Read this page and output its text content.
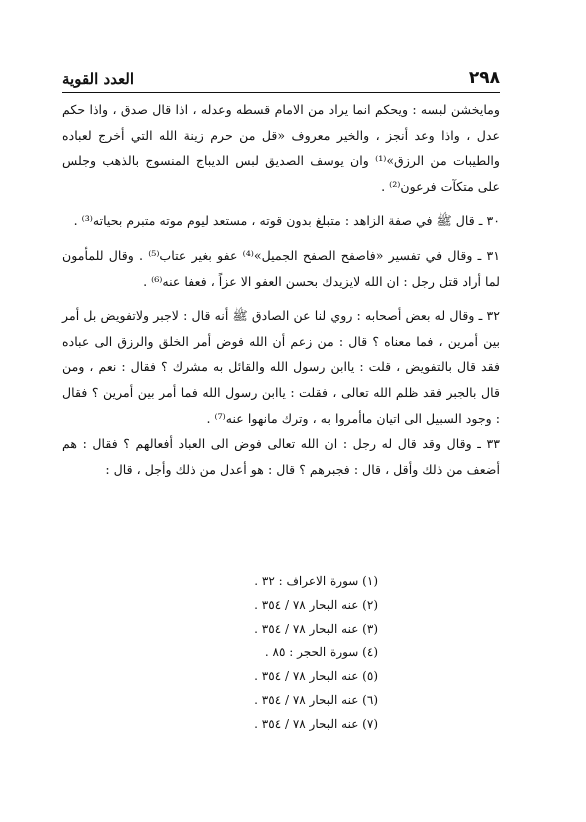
٢٩٨
العدد القوية

ومايخشن لبسه : ويحكم انما يراد من الامام قسطه وعدله ، اذا قال صدق ، واذا حكم عدل ، واذا وعد أنجز ، والخير معروف «قل من حرم زينة الله التي أخرج لعباده والطيبات من الرزق»⁽¹⁾ وان يوسف الصديق لبس الديباج المنسوج بالذهب وجلس على متكآت فرعون⁽²⁾ .

٣٠ ـ قال ﷺ في صفة الزاهد : متبلغ بدون قوته ، مستعد ليوم موته متبرم بحياته⁽³⁾ .

٣١ ـ وقال في تفسير «فاصفح الصفح الجميل»⁽⁴⁾ عفو بغير عتاب⁽⁵⁾ . وقال للمأمون لما أراد قتل رجل : ان الله لايزيدك بحسن العفو الا عزاً ، فعفا عنه⁽⁶⁾ .

٣٢ ـ وقال له بعض أصحابه : روي لنا عن الصادق ﷺ أنه قال : لاجبر ولاتفويض بل أمر بين أمرين ، فما معناه ؟ قال : من زعم أن الله فوض أمر الخلق والرزق الى عباده فقد قال بالتفويض ، قلت : ياابن رسول الله والقائل به مشرك ؟ فقال : نعم ، ومن قال بالجبر فقد ظلم الله تعالى ، فقلت : ياابن رسول الله فما أمر بين أمرين ؟ فقال : وجود السبيل الى اتيان ماأمروا به ، وترك مانهوا عنه⁽⁷⁾ .

٣٣ ـ وقال وقد قال له رجل : ان الله تعالى فوض الى العباد أفعالهم ؟ فقال : هم أضعف من ذلك وأقل ، قال : فجبرهم ؟ قال : هو أعدل من ذلك وأجل ، قال :

(١) سورة الاعراف : ٣٢ .
(٢) عنه البحار ٧٨ / ٣٥٤ .
(٣) عنه البحار ٧٨ / ٣٥٤ .
(٤) سورة الحجر : ٨٥ .
(٥) عنه البحار ٧٨ / ٣٥٤ .
(٦) عنه البحار ٧٨ / ٣٥٤ .
(٧) عنه البحار ٧٨ / ٣٥٤ .
